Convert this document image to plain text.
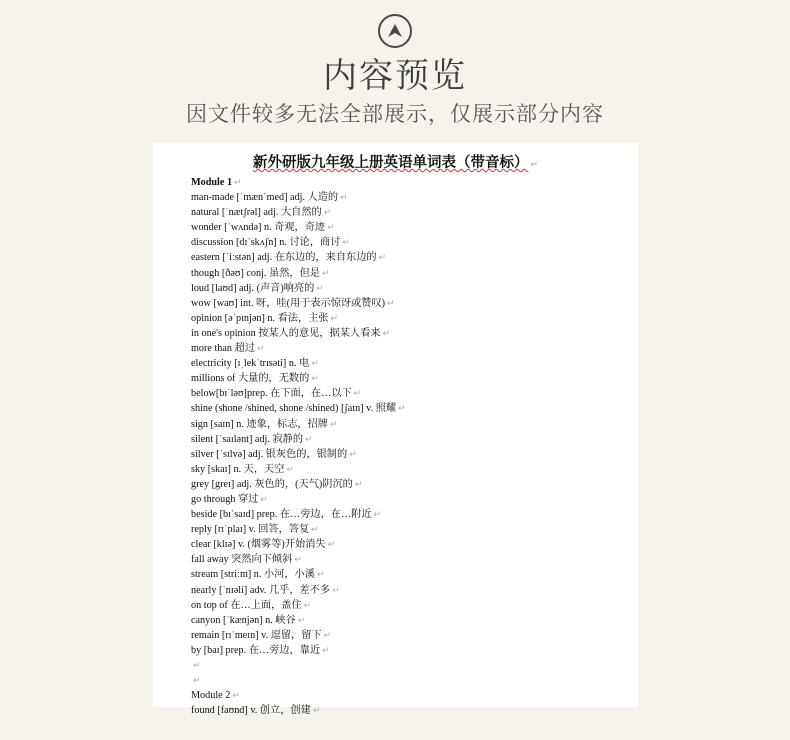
内容预览
因文件较多无法全部展示，仅展示部分内容
新外研版九年级上册英语单词表（带音标） ↵
Module 1 ↵
man-made [ˈmænˈmed] adj. 人造的 ↵
natural [ˈnætʃrəl] adj. 大自然的 ↵
wonder [ˈwʌndə] n. 奇观，奇迹 ↵
discussion [dɪˈskʌʃn] n. 讨论，商讨 ↵
eastern [ˈiːstən] adj. 在东边的，来自东边的 ↵
though [ðəʊ] conj. 虽然，但是 ↵
loud [laʊd] adj. (声音)响亮的 ↵
wow [waʊ] int. 呀，哇(用于表示惊讶或赞叹) ↵
opinion [əˈpɪnjən] n. 看法，主张 ↵
in one's opinion 按某人的意见，据某人看来 ↵
more than 超过 ↵
electricity [ɪˌlekˈtrɪsəti] n. 电 ↵
millions of 大量的，无数的 ↵
below[bɪˈləʊ]prep. 在下面，在…以下 ↵
shine (shone /shined, shone /shined) [ʃaɪn] v. 照耀 ↵
sign [saɪn] n. 迹象，标志，招牌 ↵
silent [ˈsaɪlənt] adj. 寂静的 ↵
silver [ˈsɪlvə] adj. 银灰色的，银制的 ↵
sky [skaɪ] n. 天，天空 ↵
grey [greɪ] adj. 灰色的，(天气)阴沉的 ↵
go through 穿过 ↵
beside [bɪˈsaɪd] prep. 在…旁边，在…附近 ↵
reply [rɪˈplaɪ] v. 回答，答复 ↵
clear [klɪə] v. (烟雾等)开始消失 ↵
fall away 突然向下倾斜 ↵
stream [striːm] n. 小河，小溪 ↵
nearly [ˈnɪəli] adv. 几乎，差不多 ↵
on top of 在…上面，盖住 ↵
canyon [ˈkænjən] n. 峡谷 ↵
remain [rɪˈmeɪn] v. 逗留，留下 ↵
by [baɪ] prep. 在…旁边，靠近 ↵
↵
↵
Module 2 ↵
found [faʊnd] v. 创立，创建 ↵
